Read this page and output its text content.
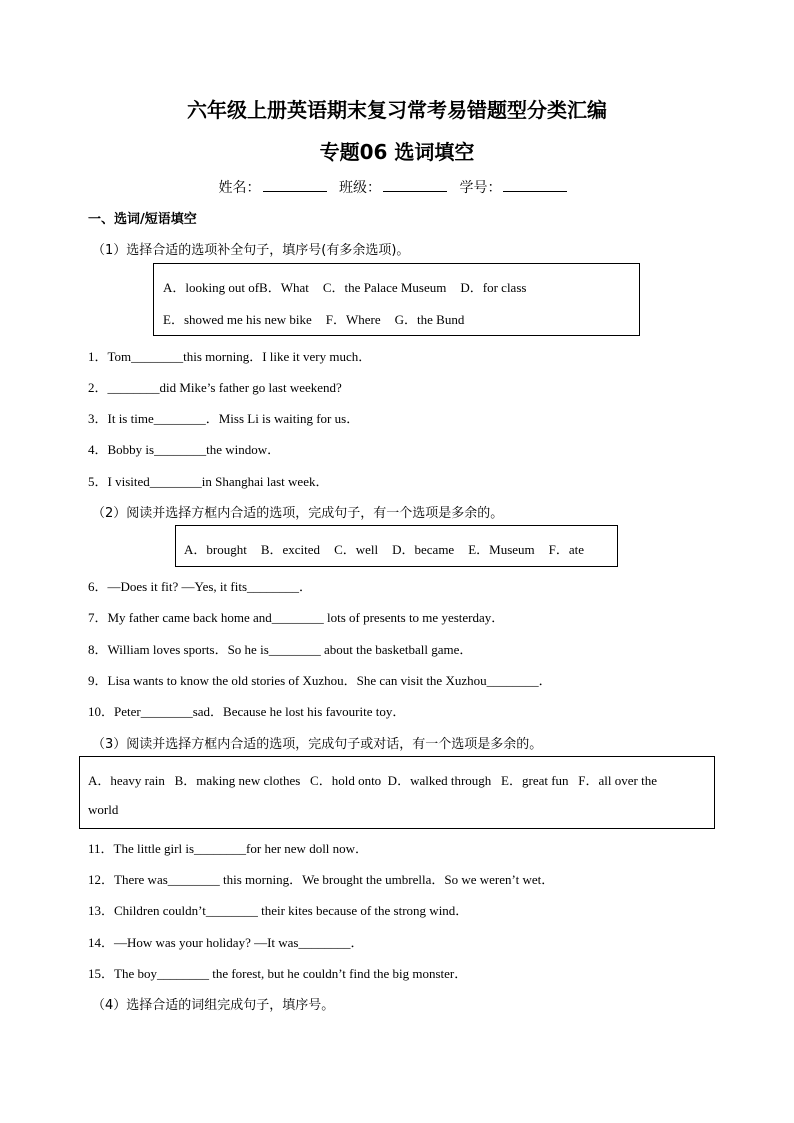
六年级上册英语期末复习常考易错题型分类汇编
专题06 选词填空
姓名：	班级：	学号：
一、选词/短语填空
（1）选择合适的选项补全句子，填序号(有多余选项)。
A．looking out ofB．What C．the Palace Museum D．for class
E．showed me his new bike F．Where G．the Bund
1．Tom________this morning．I like it very much．
2．________did Mike’s father go last weekend?
3．It is time________．Miss Li is waiting for us．
4．Bobby is________the window．
5．I visited________in Shanghai last week．
（2）阅读并选择方框内合适的选项，完成句子，有一个选项是多余的。
A．brought B．excited C．well D．became E．Museum F．ate
6．—Does it fit? —Yes, it fits________．
7．My father came back home and________ lots of presents to me yesterday．
8．William loves sports．So he is________ about the basketball game．
9．Lisa wants to know the old stories of Xuzhou．She can visit the Xuzhou________．
10．Peter________sad．Because he lost his favourite toy．
（3）阅读并选择方框内合适的选项，完成句子或对话，有一个选项是多余的。
A．heavy rain   B．making new clothes   C．hold onto  D．walked through   E．great fun   F．all over the
world
11．The little girl is________for her new doll now．
12．There was________ this morning．We brought the umbrella．So we weren’t wet．
13．Children couldn’t________ their kites because of the strong wind．
14．—How was your holiday? —It was________．
15．The boy________ the forest, but he couldn’t find the big monster．
（4）选择合适的词组完成句子，填序号。
